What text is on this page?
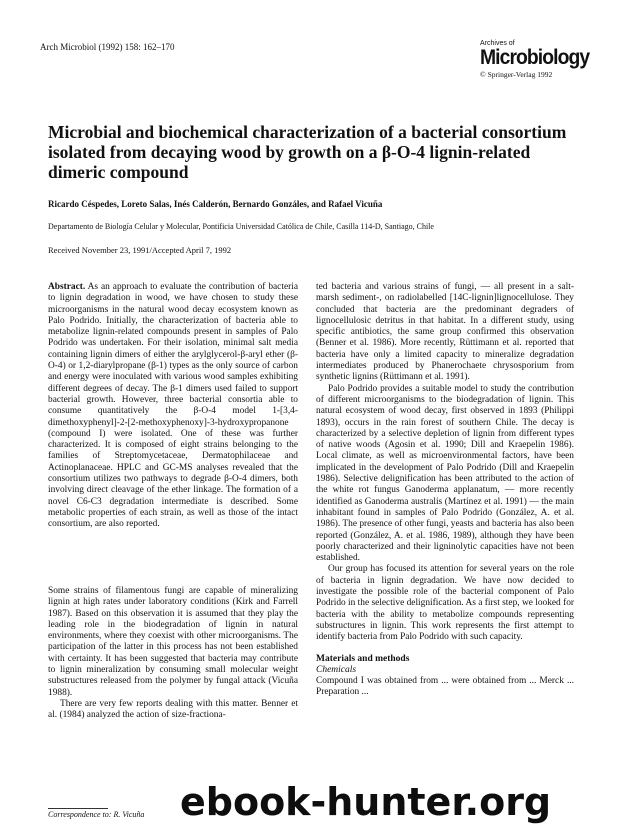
Arch Microbiol (1992) 158: 162–170	Archives of
Microbiology
© Springer-Verlag 1992
Microbial and biochemical characterization of a bacterial consortium isolated from decaying wood by growth on a β-O-4 lignin-related dimeric compound
Ricardo Céspedes, Loreto Salas, Inés Calderón, Bernardo Gonzáles, and Rafael Vicuña
Departamento de Biología Celular y Molecular, Pontificia Universidad Católica de Chile, Casilla 114-D, Santiago, Chile
Received November 23, 1991/Accepted April 7, 1992

Abstract. As an approach to evaluate the contribution of bacteria to lignin degradation in wood, we have chosen to study these microorganisms in the natural wood decay ecosystem known as Palo Podrido. Initially, the characterization of bacteria able to metabolize lignin-related compounds present in samples of Palo Podrido was undertaken. For their isolation, minimal salt media containing lignin dimers of either the arylglycerol-β-aryl ether (β-O-4) or 1,2-diarylpropane (β-1) types as the only source of carbon and energy were inoculated with various wood samples exhibiting different degrees of decay. The β-1 dimers used failed to support bacterial growth. However, three bacterial consortia able to consume quantitatively the β-O-4 model 1-[3,4-dimethoxyphenyl]-2-[2-methoxyphenoxy]-3-hydroxypropanone (compound I) were isolated. One of these was further characterized. It is composed of eight strains belonging to the families of Streptomycetaceae, Dermatophilaceae and Actinoplanaceae. HPLC and GC-MS analyses revealed that the consortium utilizes two pathways to degrade β-O-4 dimers, both involving direct cleavage of the ether linkage. The formation of a novel C6-C3 degradation intermediate is described. Some metabolic properties of each strain, as well as those of the intact consortium, are also reported.

Some strains of filamentous fungi are capable of mineralizing lignin at high rates under laboratory conditions (Kirk and Farrell 1987). Based on this observation it is assumed that they play the leading role in the biodegradation of lignin in natural environments, where they coexist with other microorganisms. The participation of the latter in this process has not been established with certainty. It has been suggested that bacteria may contribute to lignin mineralization by consuming small molecular weight substructures released from the polymer by fungal attack (Vicuña 1988).

There are very few reports dealing with this matter. Benner et al. (1984) analyzed the action of size-fractiona-

ted bacteria and various strains of fungi, — all present in a salt-marsh sediment-, on radiolabelled [14C-lignin]lignocellulose. They concluded that bacteria are the predominant degraders of lignocellulosic detritus in that habitat. In a different study, using specific antibiotics, the same group confirmed this observation (Benner et al. 1986). More recently, Rüttimann et al. reported that bacteria have only a limited capacity to mineralize degradation intermediates produced by Phanerochaete chrysosporium from synthetic lignins (Rüttimann et al. 1991).

Palo Podrido provides a suitable model to study the contribution of different microorganisms to the biodegradation of lignin. This natural ecosystem of wood decay, first observed in 1893 (Philippi 1893), occurs in the rain forest of southern Chile. The decay is characterized by a selective depletion of lignin from different types of native woods (Agosin et al. 1990; Dill and Kraepelin 1986). Local climate, as well as microenvironmental factors, have been implicated in the development of Palo Podrido (Dill and Kraepelin 1986). Selective delignification has been attributed to the action of the white rot fungus Ganoderma applanatum, — more recently identified as Ganoderma australis (Martínez et al. 1991) — the main inhabitant found in samples of Palo Podrido (González, A. et al. 1986). The presence of other fungi, yeasts and bacteria has also been reported (González, A. et al. 1986, 1989), although they have been poorly characterized and their ligninolytic capacities have not been established.

Our group has focused its attention for several years on the role of bacteria in lignin degradation. We have now decided to investigate the possible role of the bacterial component of Palo Podrido in the selective delignification. As a first step, we looked for bacteria with the ability to metabolize compounds representing substructures in lignin. This work represents the first attempt to identify bacteria from Palo Podrido with such capacity.

Materials and methods

Chemicals

Compound I was obtained from ... were obtained from ... Merck ... Preparation ...

Correspondence to: R. Vicuña ebook-hunter.org
